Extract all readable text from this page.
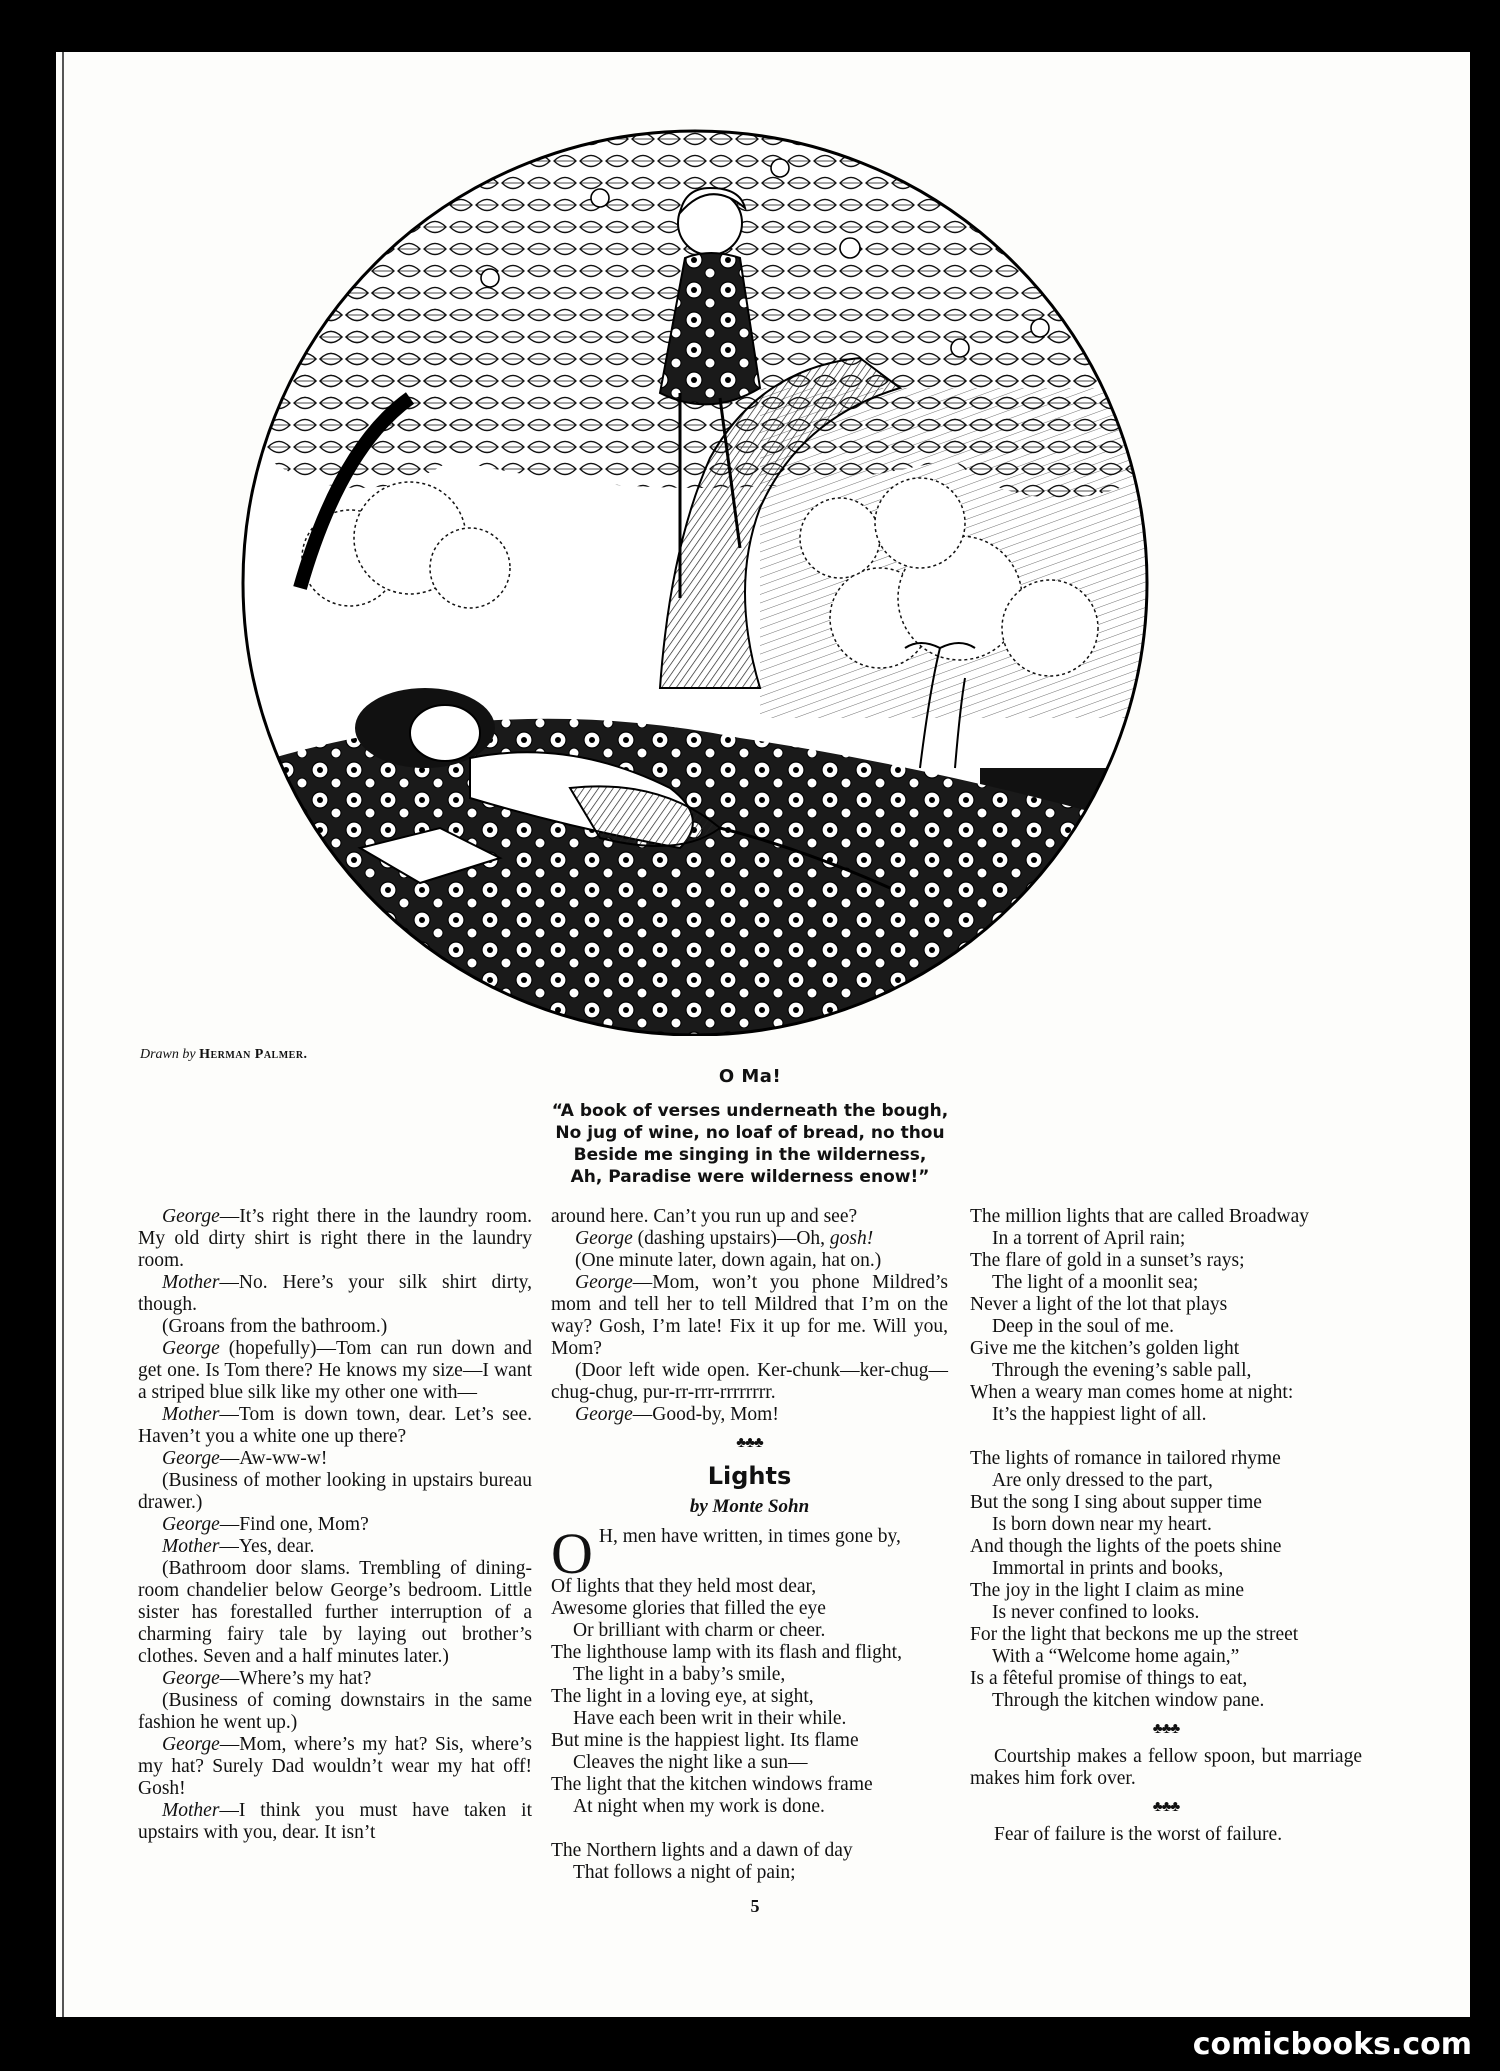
Drawn by Herman Palmer.
O Ma!
“A book of verses underneath the bough,
No jug of wine, no loaf of bread, no thou
Beside me singing in the wilderness,
Ah, Paradise were wilderness enow!”

George—It’s right there in the laundry room. My old dirty shirt is right there in the laundry room.

Mother—No. Here’s your silk shirt dirty, though.

(Groans from the bathroom.)

George (hopefully)—Tom can run down and get one. Is Tom there? He knows my size—I want a striped blue silk like my other one with—

Mother—Tom is down town, dear. Let’s see. Haven’t you a white one up there?

George—Aw-ww-w!

(Business of mother looking in upstairs bureau drawer.)

George—Find one, Mom?

Mother—Yes, dear.

(Bathroom door slams. Trembling of dining-room chandelier below George’s bedroom. Little sister has forestalled further interruption of a charming fairy tale by laying out brother’s clothes. Seven and a half minutes later.)

George—Where’s my hat?

(Business of coming downstairs in the same fashion he went up.)

George—Mom, where’s my hat? Sis, where’s my hat? Surely Dad wouldn’t wear my hat off! Gosh!

Mother—I think you must have taken it upstairs with you, dear. It isn’t

around here. Can’t you run up and see?

George (dashing upstairs)—Oh, gosh!

(One minute later, down again, hat on.)

George—Mom, won’t you phone Mildred’s mom and tell her to tell Mildred that I’m on the way? Gosh, I’m late! Fix it up for me. Will you, Mom?

(Door left wide open. Ker-chunk—ker-chug—chug-chug, pur-rr-rrr-rrrrrrrr.

George—Good-by, Mom!

♣♣♣
Lights
by Monte Sohn

O H, men have written, in times gone by,

Of lights that they held most dear,

Awesome glories that filled the eye

Or brilliant with charm or cheer.

The lighthouse lamp with its flash and flight,

The light in a baby’s smile,

The light in a loving eye, at sight,

Have each been writ in their while.

But mine is the happiest light. Its flame

Cleaves the night like a sun—

The light that the kitchen windows frame

At night when my work is done.

The Northern lights and a dawn of day

That follows a night of pain;

The million lights that are called Broadway

In a torrent of April rain;

The flare of gold in a sunset’s rays;

The light of a moonlit sea;

Never a light of the lot that plays

Deep in the soul of me.

Give me the kitchen’s golden light

Through the evening’s sable pall,

When a weary man comes home at night:

It’s the happiest light of all.

The lights of romance in tailored rhyme

Are only dressed to the part,

But the song I sing about supper time

Is born down near my heart.

And though the lights of the poets shine

Immortal in prints and books,

The joy in the light I claim as mine

Is never confined to looks.

For the light that beckons me up the street

With a “Welcome home again,”

Is a fêteful promise of things to eat,

Through the kitchen window pane.

♣♣♣

Courtship makes a fellow spoon, but marriage makes him fork over.

♣♣♣

Fear of failure is the worst of failure.

5
comicbooks.com
